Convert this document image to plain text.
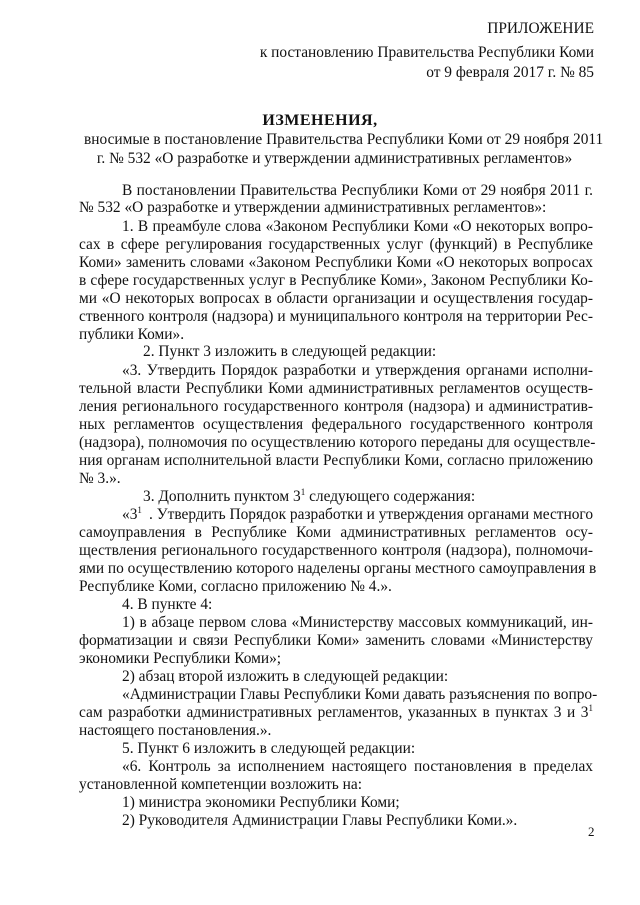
ПРИЛОЖЕНИЕ
к постановлению Правительства Республики Коми
от 9 февраля 2017 г. № 85
ИЗМЕНЕНИЯ,
вносимые в постановление Правительства Республики Коми от 29 ноября 2011
г. № 532 «О разработке и утверждении административных регламентов»
В постановлении Правительства Республики Коми от 29 ноября 2011 г.
№ 532 «О разработке и утверждении административных регламентов»:
1. В преамбуле слова «Законом Республики Коми «О некоторых вопро-
сах в сфере регулирования государственных услуг (функций) в Республике
Коми» заменить словами «Законом Республики Коми «О некоторых вопросах
в сфере государственных услуг в Республике Коми», Законом Республики Ко-
ми «О некоторых вопросах в области организации и осуществления государ-
ственного контроля (надзора) и муниципального контроля на территории Рес-
публики Коми».
2. Пункт 3 изложить в следующей редакции:
«3. Утвердить Порядок разработки и утверждения органами исполни-
тельной власти Республики Коми административных регламентов осуществ-
ления регионального государственного контроля (надзора) и административ-
ных регламентов осуществления федерального государственного контроля
(надзора), полномочия по осуществлению которого переданы для осуществле-
ния органам исполнительной власти Республики Коми, согласно приложению
№ 3.».
3. Дополнить пунктом $3^1$ следующего содержания:
«$3^1$ . Утвердить Порядок разработки и утверждения органами местного
самоуправления в Республике Коми административных регламентов осу-
ществления регионального государственного контроля (надзора), полномочи-
ями по осуществлению которого наделены органы местного самоуправления в
Республике Коми, согласно приложению № 4.».
4. В пункте 4:
1) в абзаце первом слова «Министерству массовых коммуникаций, ин-
форматизации и связи Республики Коми» заменить словами «Министерству
экономики Республики Коми»;
2) абзац второй изложить в следующей редакции:
«Администрации Главы Республики Коми давать разъяснения по вопро-
сам разработки административных регламентов, указанных в пунктах 3 и $3^1$
настоящего постановления.».
5. Пункт 6 изложить в следующей редакции:
«6. Контроль за исполнением настоящего постановления в пределах
установленной компетенции возложить на:
1) министра экономики Республики Коми;
2) Руководителя Администрации Главы Республики Коми.».
2
